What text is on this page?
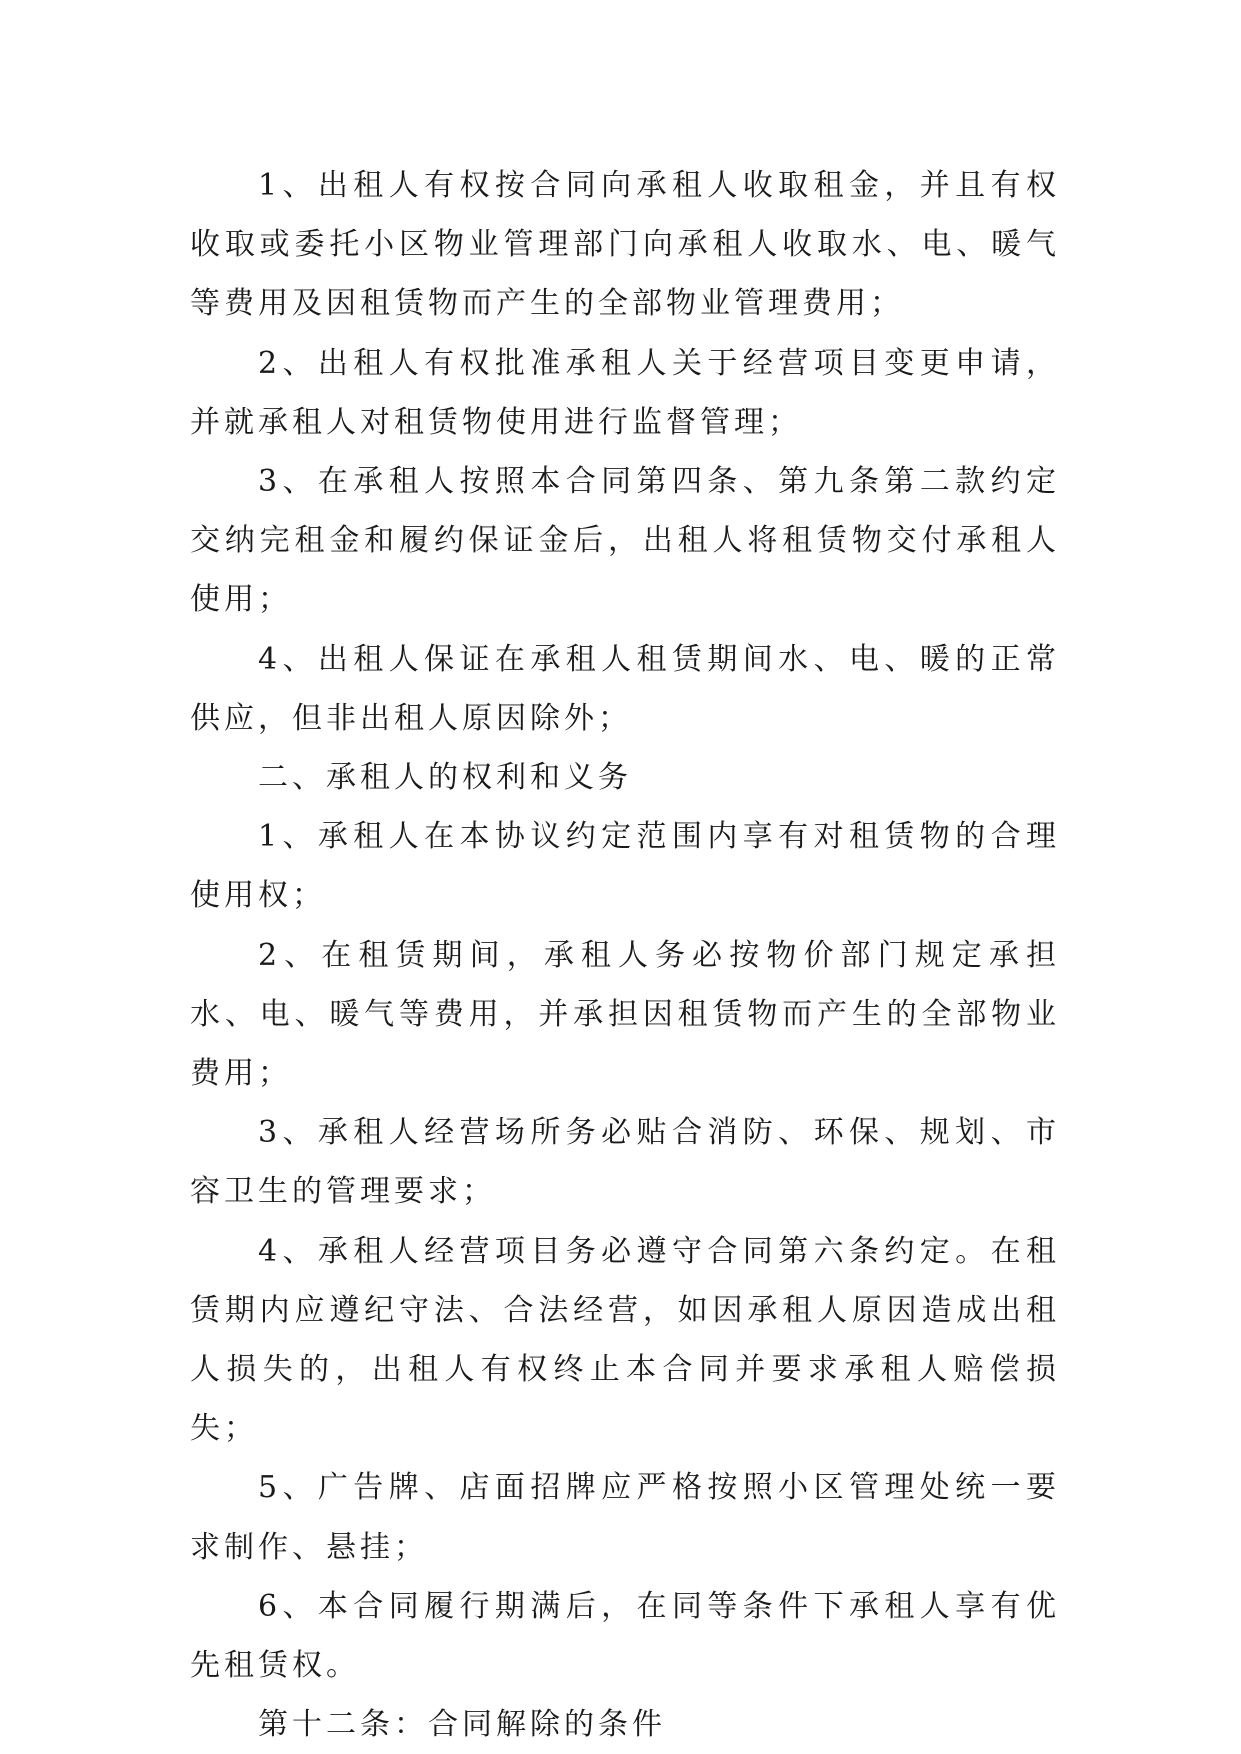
1、出租人有权按合同向承租人收取租金，并且有权收取或委托小区物业管理部门向承租人收取水、电、暖气等费用及因租赁物而产生的全部物业管理费用；

2、出租人有权批准承租人关于经营项目变更申请，并就承租人对租赁物使用进行监督管理；

3、在承租人按照本合同第四条、第九条第二款约定交纳完租金和履约保证金后，出租人将租赁物交付承租人使用；

4、出租人保证在承租人租赁期间水、电、暖的正常供应，但非出租人原因除外；

二、承租人的权利和义务

1、承租人在本协议约定范围内享有对租赁物的合理使用权；

2、在租赁期间，承租人务必按物价部门规定承担水、电、暖气等费用，并承担因租赁物而产生的全部物业费用；

3、承租人经营场所务必贴合消防、环保、规划、市容卫生的管理要求；

4、承租人经营项目务必遵守合同第六条约定。在租赁期内应遵纪守法、合法经营，如因承租人原因造成出租人损失的，出租人有权终止本合同并要求承租人赔偿损失；

5、广告牌、店面招牌应严格按照小区管理处统一要求制作、悬挂；

6、本合同履行期满后，在同等条件下承租人享有优先租赁权。

第十二条：合同解除的条件
